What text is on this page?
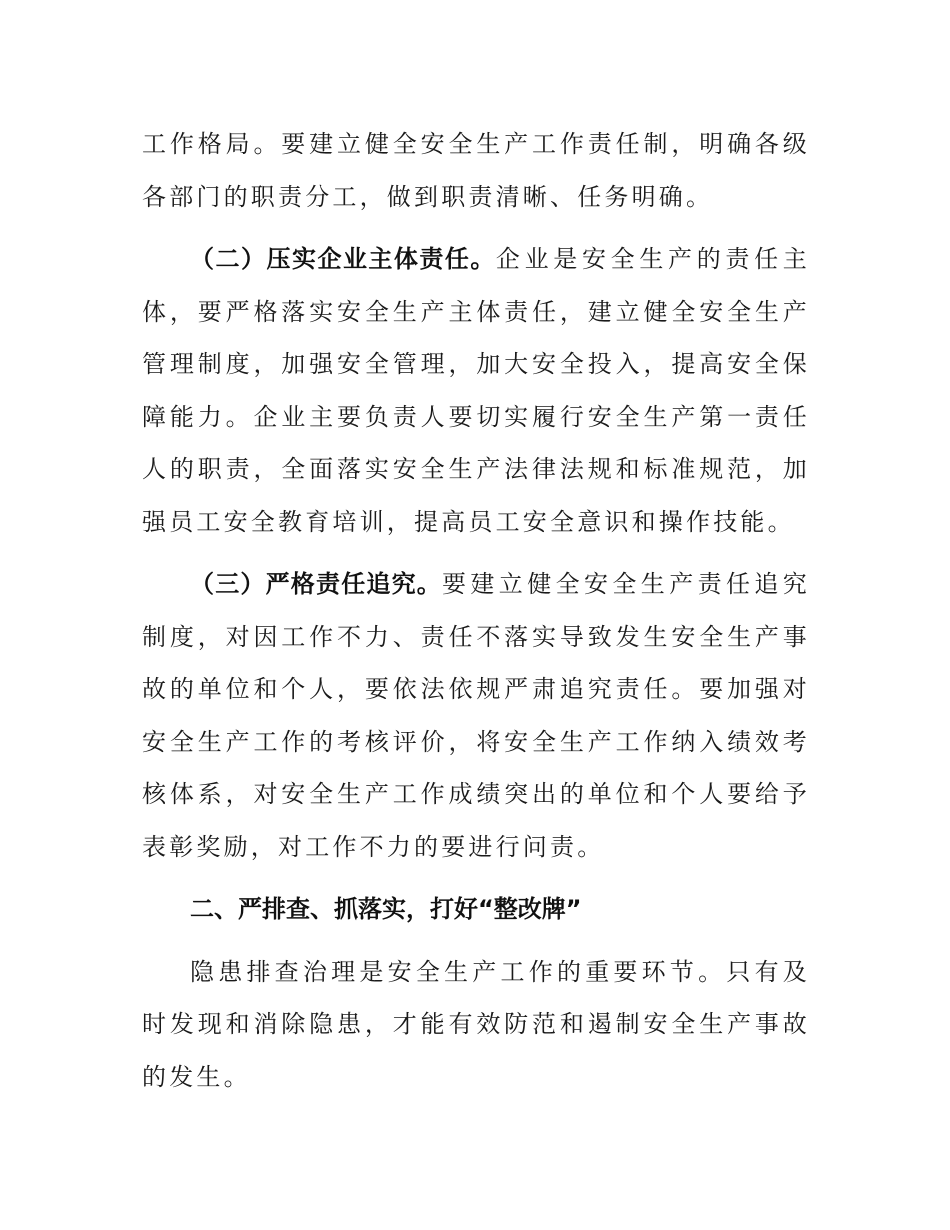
工作格局。要建立健全安全生产工作责任制，明确各级各部门的职责分工，做到职责清晰、任务明确。

（二）压实企业主体责任。企业是安全生产的责任主体，要严格落实安全生产主体责任，建立健全安全生产管理制度，加强安全管理，加大安全投入，提高安全保障能力。企业主要负责人要切实履行安全生产第一责任人的职责，全面落实安全生产法律法规和标准规范，加强员工安全教育培训，提高员工安全意识和操作技能。

（三）严格责任追究。要建立健全安全生产责任追究制度，对因工作不力、责任不落实导致发生安全生产事故的单位和个人，要依法依规严肃追究责任。要加强对安全生产工作的考核评价，将安全生产工作纳入绩效考核体系，对安全生产工作成绩突出的单位和个人要给予表彰奖励，对工作不力的要进行问责。

二、严排查、抓落实，打好“整改牌”

隐患排查治理是安全生产工作的重要环节。只有及时发现和消除隐患，才能有效防范和遏制安全生产事故的发生。
